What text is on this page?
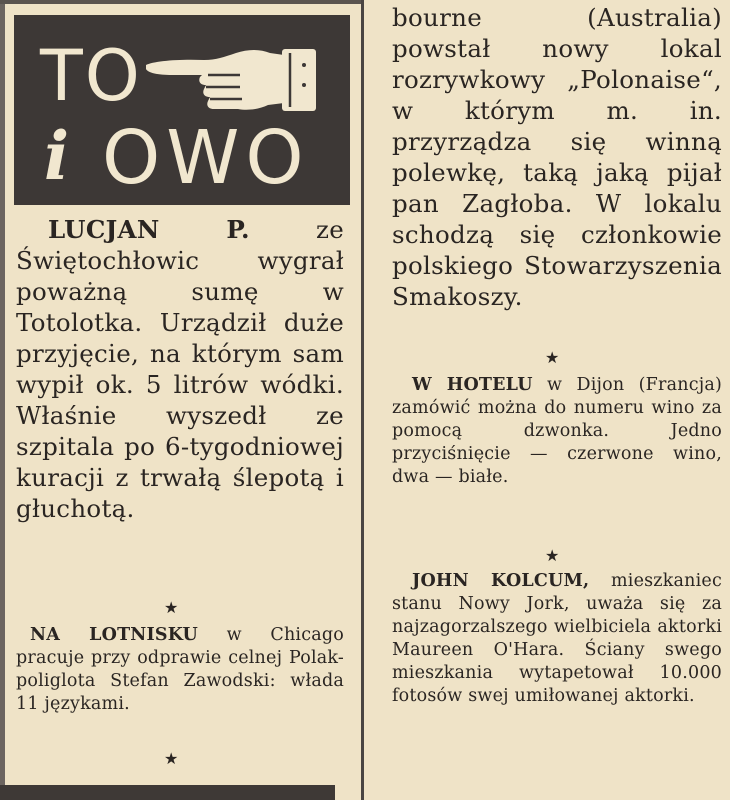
TO
i OWO
LUCJAN P. ze Świętochłowic wygrał poważną sumę w Totolotka. Urządził duże przyjęcie, na którym sam wypił ok. 5 litrów wódki. Właśnie wyszedł ze szpitala po 6-tygodniowej kuracji z trwałą ślepotą i głuchotą.
★
NA LOTNISKU w Chicago pracuje przy odprawie celnej Polak-poliglota Stefan Zawodski: włada 11 językami.
★
bourne (Australia) powstał nowy lokal rozrywkowy „Polonaise“, w którym m. in. przyrządza się winną polewkę, taką jaką pijał pan Zagłoba. W lokalu schodzą się członkowie polskiego Stowarzyszenia Smakoszy.
★
W HOTELU w Dijon (Francja) zamówić można do numeru wino za pomocą dzwonka. Jedno przyciśnięcie — czerwone wino, dwa — białe.
★
JOHN KOLCUM, mieszkaniec stanu Nowy Jork, uważa się za najzagorzalszego wielbiciela aktorki Maureen O'Hara. Ściany swego mieszkania wytapetował 10.000 fotosów swej umiłowanej aktorki.
